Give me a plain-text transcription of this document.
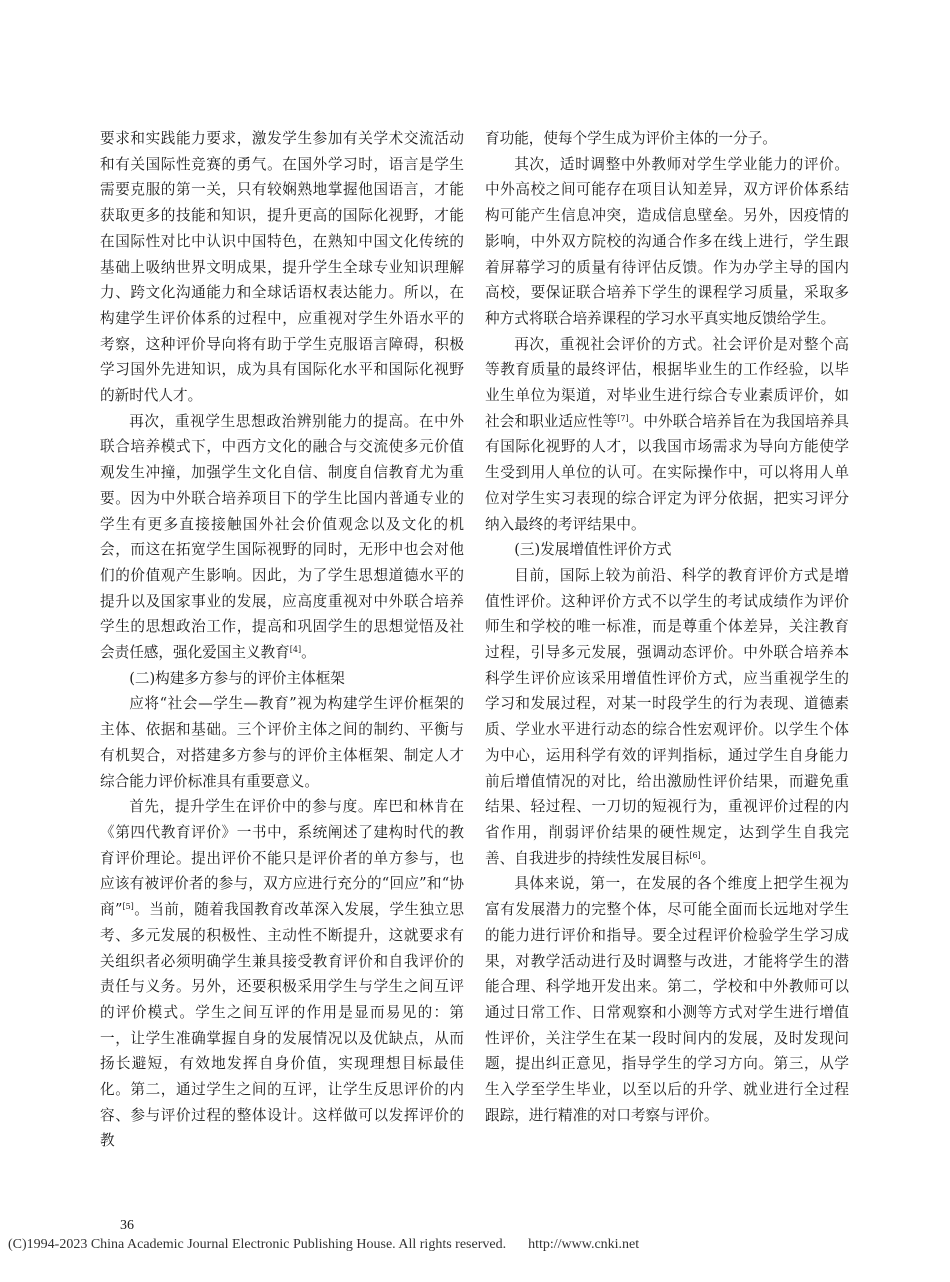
要求和实践能力要求，激发学生参加有关学术交流活动和有关国际性竞赛的勇气。在国外学习时，语言是学生需要克服的第一关，只有较娴熟地掌握他国语言，才能获取更多的技能和知识，提升更高的国际化视野，才能在国际性对比中认识中国特色，在熟知中国文化传统的基础上吸纳世界文明成果，提升学生全球专业知识理解力、跨文化沟通能力和全球话语权表达能力。所以，在构建学生评价体系的过程中，应重视对学生外语水平的考察，这种评价导向将有助于学生克服语言障碍，积极学习国外先进知识，成为具有国际化水平和国际化视野的新时代人才。

再次，重视学生思想政治辨别能力的提高。在中外联合培养模式下，中西方文化的融合与交流使多元价值观发生冲撞，加强学生文化自信、制度自信教育尤为重要。因为中外联合培养项目下的学生比国内普通专业的学生有更多直接接触国外社会价值观念以及文化的机会，而这在拓宽学生国际视野的同时，无形中也会对他们的价值观产生影响。因此，为了学生思想道德水平的提升以及国家事业的发展，应高度重视对中外联合培养学生的思想政治工作，提高和巩固学生的思想觉悟及社会责任感，强化爱国主义教育[4]。

(二)构建多方参与的评价主体框架

应将“社会—学生—教育”视为构建学生评价框架的主体、依据和基础。三个评价主体之间的制约、平衡与有机契合，对搭建多方参与的评价主体框架、制定人才综合能力评价标准具有重要意义。

首先，提升学生在评价中的参与度。库巴和林肯在《第四代教育评价》一书中，系统阐述了建构时代的教育评价理论。提出评价不能只是评价者的单方参与，也应该有被评价者的参与，双方应进行充分的“回应”和“协商”[5]。当前，随着我国教育改革深入发展，学生独立思考、多元发展的积极性、主动性不断提升，这就要求有关组织者必须明确学生兼具接受教育评价和自我评价的责任与义务。另外，还要积极采用学生与学生之间互评的评价模式。学生之间互评的作用是显而易见的：第一，让学生准确掌握自身的发展情况以及优缺点，从而扬长避短，有效地发挥自身价值，实现理想目标最佳化。第二，通过学生之间的互评，让学生反思评价的内容、参与评价过程的整体设计。这样做可以发挥评价的教

育功能，使每个学生成为评价主体的一分子。

其次，适时调整中外教师对学生学业能力的评价。中外高校之间可能存在项目认知差异，双方评价体系结构可能产生信息冲突，造成信息壁垒。另外，因疫情的影响，中外双方院校的沟通合作多在线上进行，学生跟着屏幕学习的质量有待评估反馈。作为办学主导的国内高校，要保证联合培养下学生的课程学习质量，采取多种方式将联合培养课程的学习水平真实地反馈给学生。

再次，重视社会评价的方式。社会评价是对整个高等教育质量的最终评估，根据毕业生的工作经验，以毕业生单位为渠道，对毕业生进行综合专业素质评价，如社会和职业适应性等[7]。中外联合培养旨在为我国培养具有国际化视野的人才，以我国市场需求为导向方能使学生受到用人单位的认可。在实际操作中，可以将用人单位对学生实习表现的综合评定为评分依据，把实习评分纳入最终的考评结果中。

(三)发展增值性评价方式

目前，国际上较为前沿、科学的教育评价方式是增值性评价。这种评价方式不以学生的考试成绩作为评价师生和学校的唯一标准，而是尊重个体差异，关注教育过程，引导多元发展，强调动态评价。中外联合培养本科学生评价应该采用增值性评价方式，应当重视学生的学习和发展过程，对某一时段学生的行为表现、道德素质、学业水平进行动态的综合性宏观评价。以学生个体为中心，运用科学有效的评判指标，通过学生自身能力前后增值情况的对比，给出激励性评价结果，而避免重结果、轻过程、一刀切的短视行为，重视评价过程的内省作用，削弱评价结果的硬性规定，达到学生自我完善、自我进步的持续性发展目标[6]。

具体来说，第一，在发展的各个维度上把学生视为富有发展潜力的完整个体，尽可能全面而长远地对学生的能力进行评价和指导。要全过程评价检验学生学习成果，对教学活动进行及时调整与改进，才能将学生的潜能合理、科学地开发出来。第二，学校和中外教师可以通过日常工作、日常观察和小测等方式对学生进行增值性评价，关注学生在某一段时间内的发展，及时发现问题，提出纠正意见，指导学生的学习方向。第三，从学生入学至学生毕业，以至以后的升学、就业进行全过程跟踪，进行精准的对口考察与评价。

36
(C)1994-2023 China Academic Journal Electronic Publishing House. All rights reserved. http://www.cnki.net
